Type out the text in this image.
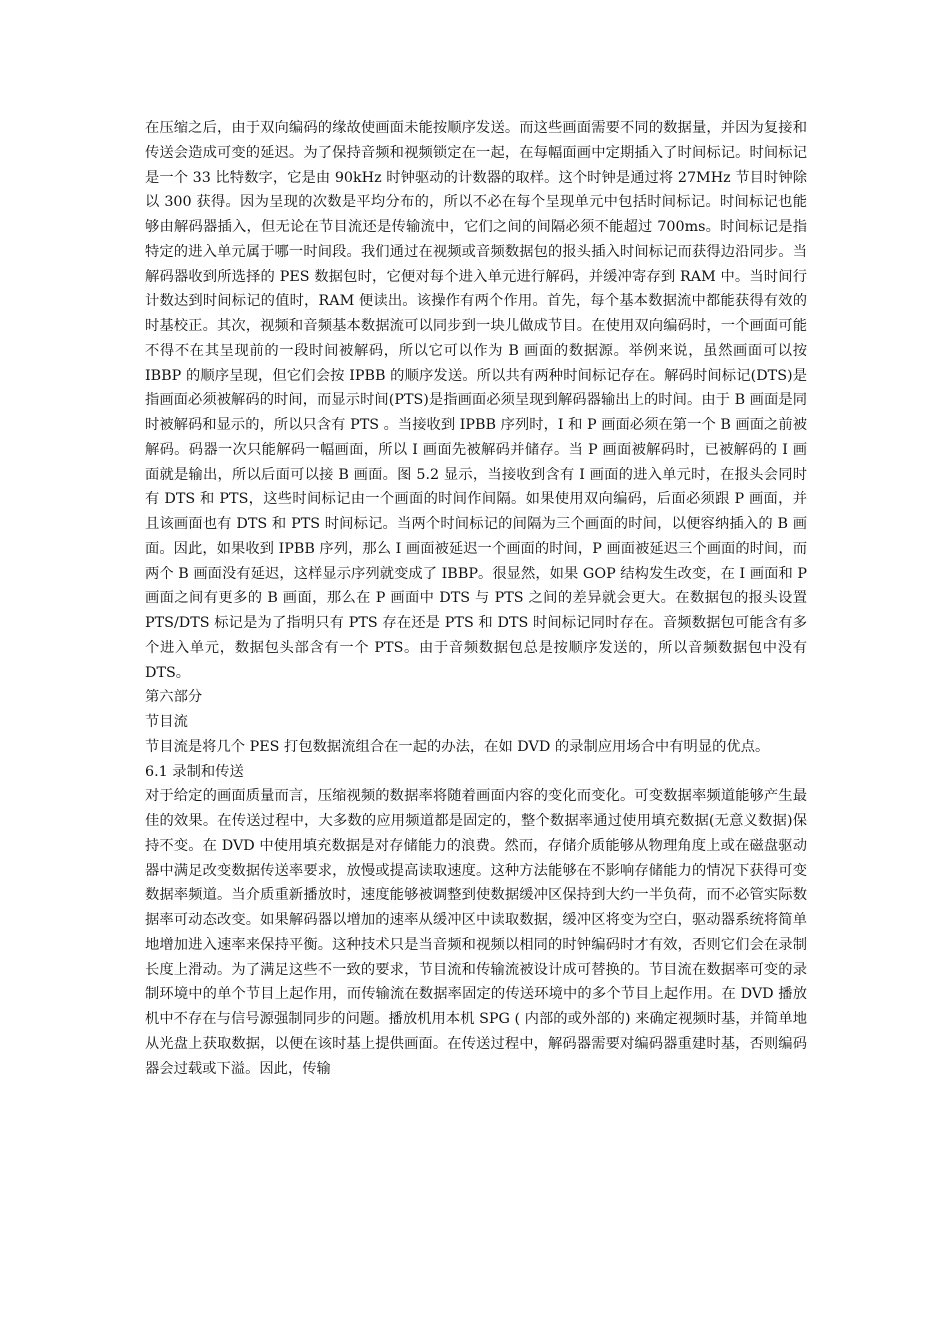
在压缩之后，由于双向编码的缘故使画面未能按顺序发送。而这些画面需要不同的数据量，并因为复接和传送会造成可变的延迟。为了保持音频和视频锁定在一起，在每幅面画中定期插入了时间标记。时间标记是一个 33 比特数字，它是由 90kHz 时钟驱动的计数器的取样。这个时钟是通过将 27MHz 节目时钟除以 300 获得。因为呈现的次数是平均分布的，所以不必在每个呈现单元中包括时间标记。时间标记也能够由解码器插入，但无论在节目流还是传输流中，它们之间的间隔必须不能超过 700ms。时间标记是指特定的进入单元属于哪一时间段。我们通过在视频或音频数据包的报头插入时间标记而获得边沿同步。当解码器收到所选择的 PES 数据包时，它便对每个进入单元进行解码，并缓冲寄存到 RAM 中。当时间行计数达到时间标记的值时，RAM 便读出。该操作有两个作用。首先，每个基本数据流中都能获得有效的时基校正。其次，视频和音频基本数据流可以同步到一块儿做成节目。在使用双向编码时，一个画面可能不得不在其呈现前的一段时间被解码，所以它可以作为 B 画面的数据源。举例来说，虽然画面可以按 IBBP 的顺序呈现，但它们会按 IPBB 的顺序发送。所以共有两种时间标记存在。解码时间标记(DTS)是指画面必须被解码的时间，而显示时间(PTS)是指画面必须呈现到解码器输出上的时间。由于 B 画面是同时被解码和显示的，所以只含有 PTS 。当接收到 IPBB 序列时，I 和 P 画面必须在第一个 B 画面之前被解码。码器一次只能解码一幅画面，所以 I 画面先被解码并储存。当 P 画面被解码时，已被解码的 I 画面就是输出，所以后面可以接 B 画面。图 5.2 显示，当接收到含有 I 画面的进入单元时，在报头会同时有 DTS 和 PTS，这些时间标记由一个画面的时间作间隔。如果使用双向编码，后面必须跟 P 画面，并且该画面也有 DTS 和 PTS 时间标记。当两个时间标记的间隔为三个画面的时间，以便容纳插入的 B 画面。因此，如果收到 IPBB 序列，那么 I 画面被延迟一个画面的时间，P 画面被延迟三个画面的时间，而两个 B 画面没有延迟，这样显示序列就变成了 IBBP。很显然，如果 GOP 结构发生改变，在 I 画面和 P 画面之间有更多的 B 画面，那么在 P 画面中 DTS 与 PTS 之间的差异就会更大。在数据包的报头设置 PTS/DTS 标记是为了指明只有 PTS 存在还是 PTS 和 DTS 时间标记同时存在。音频数据包可能含有多个进入单元，数据包头部含有一个 PTS。由于音频数据包总是按顺序发送的，所以音频数据包中没有 DTS。

第六部分

节目流

节目流是将几个 PES 打包数据流组合在一起的办法，在如 DVD 的录制应用场合中有明显的优点。

6.1 录制和传送

对于给定的画面质量而言，压缩视频的数据率将随着画面内容的变化而变化。可变数据率频道能够产生最佳的效果。在传送过程中，大多数的应用频道都是固定的，整个数据率通过使用填充数据(无意义数据)保持不变。在 DVD 中使用填充数据是对存储能力的浪费。然而，存储介质能够从物理角度上或在磁盘驱动器中满足改变数据传送率要求，放慢或提高读取速度。这种方法能够在不影响存储能力的情况下获得可变数据率频道。当介质重新播放时，速度能够被调整到使数据缓冲区保持到大约一半负荷，而不必管实际数据率可动态改变。如果解码器以增加的速率从缓冲区中读取数据，缓冲区将变为空白，驱动器系统将简单地增加进入速率来保持平衡。这种技术只是当音频和视频以相同的时钟编码时才有效，否则它们会在录制长度上滑动。为了满足这些不一致的要求，节目流和传输流被设计成可替换的。节目流在数据率可变的录制环境中的单个节目上起作用，而传输流在数据率固定的传送环境中的多个节目上起作用。在 DVD 播放机中不存在与信号源强制同步的问题。播放机用本机 SPG ( 内部的或外部的) 来确定视频时基，并简单地从光盘上获取数据，以便在该时基上提供画面。在传送过程中，解码器需要对编码器重建时基，否则编码器会过载或下溢。因此，传输
